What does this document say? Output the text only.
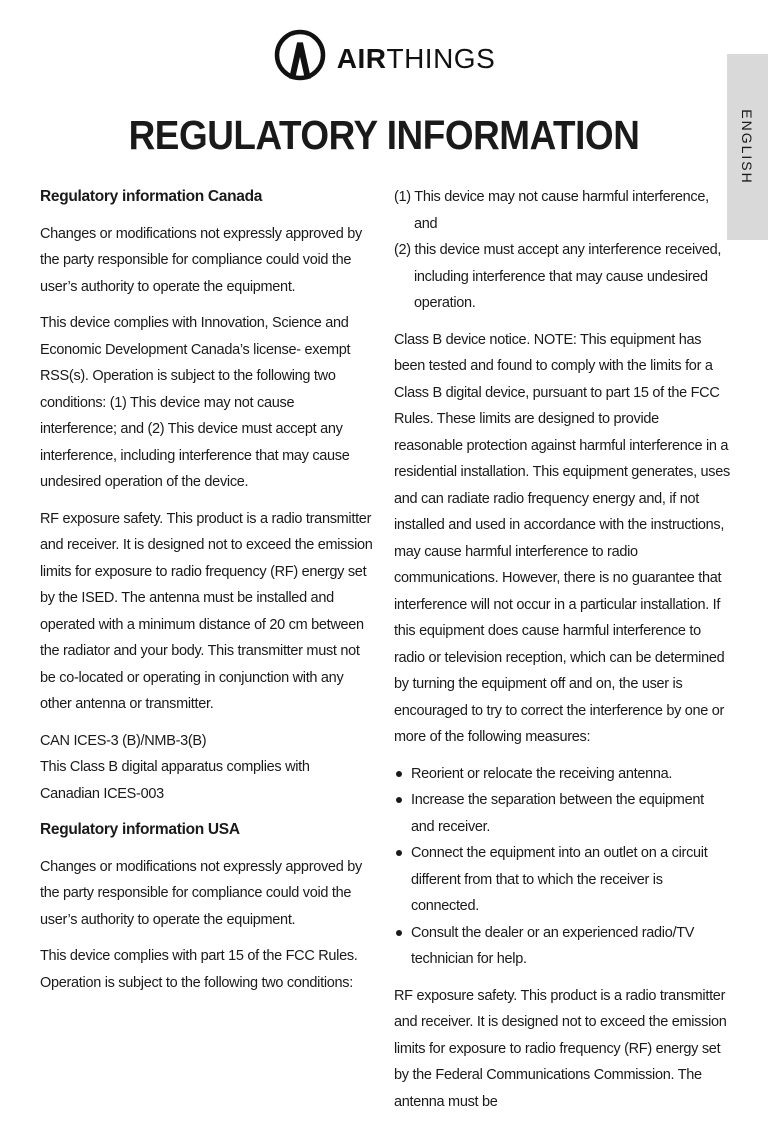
AIRTHINGS
REGULATORY INFORMATION	ENGLISH

Regulatory information Canada

Changes or modifications not expressly approved by the party responsible for compliance could void the user’s authority to operate the equipment.

This device complies with Innovation, Science and Economic Development Canada’s license- exempt RSS(s). Operation is subject to the following two conditions: (1) This device may not cause interference; and (2) This device must accept any interference, including interference that may cause undesired operation of the device.

RF exposure safety. This product is a radio transmitter and receiver. It is designed not to exceed the emission limits for exposure to radio frequency (RF) energy set by the ISED. The antenna must be installed and operated with a minimum distance of 20 cm between the radiator and your body. This transmitter must not be co-located or operating in conjunction with any other antenna or transmitter.

CAN ICES-3 (B)/NMB-3(B)
This Class B digital apparatus complies with Canadian ICES-003

Regulatory information USA

Changes or modifications not expressly approved by the party responsible for compliance could void the user’s authority to operate the equipment.

This device complies with part 15 of the FCC Rules. Operation is subject to the following two conditions:

(1) This device may not cause harmful interference, and
(2) this device must accept any interference received, including interference that may cause undesired operation.

Class B device notice. NOTE: This equipment has been tested and found to comply with the limits for a Class B digital device, pursuant to part 15 of the FCC Rules. These limits are designed to provide reasonable protection against harmful interference in a residential installation. This equipment generates, uses and can radiate radio frequency energy and, if not installed and used in accordance with the instructions, may cause harmful interference to radio communications. However, there is no guarantee that interference will not occur in a particular installation. If this equipment does cause harmful interference to radio or television reception, which can be determined by turning the equipment off and on, the user is encouraged to try to correct the interference by one or more of the following measures:

Reorient or relocate the receiving antenna.
Increase the separation between the equipment and receiver.
Connect the equipment into an outlet on a circuit different from that to which the receiver is connected.
Consult the dealer or an experienced radio/TV technician for help.

RF exposure safety. This product is a radio transmitter and receiver. It is designed not to exceed the emission limits for exposure to radio frequency (RF) energy set by the Federal Communications Commission. The antenna must be
